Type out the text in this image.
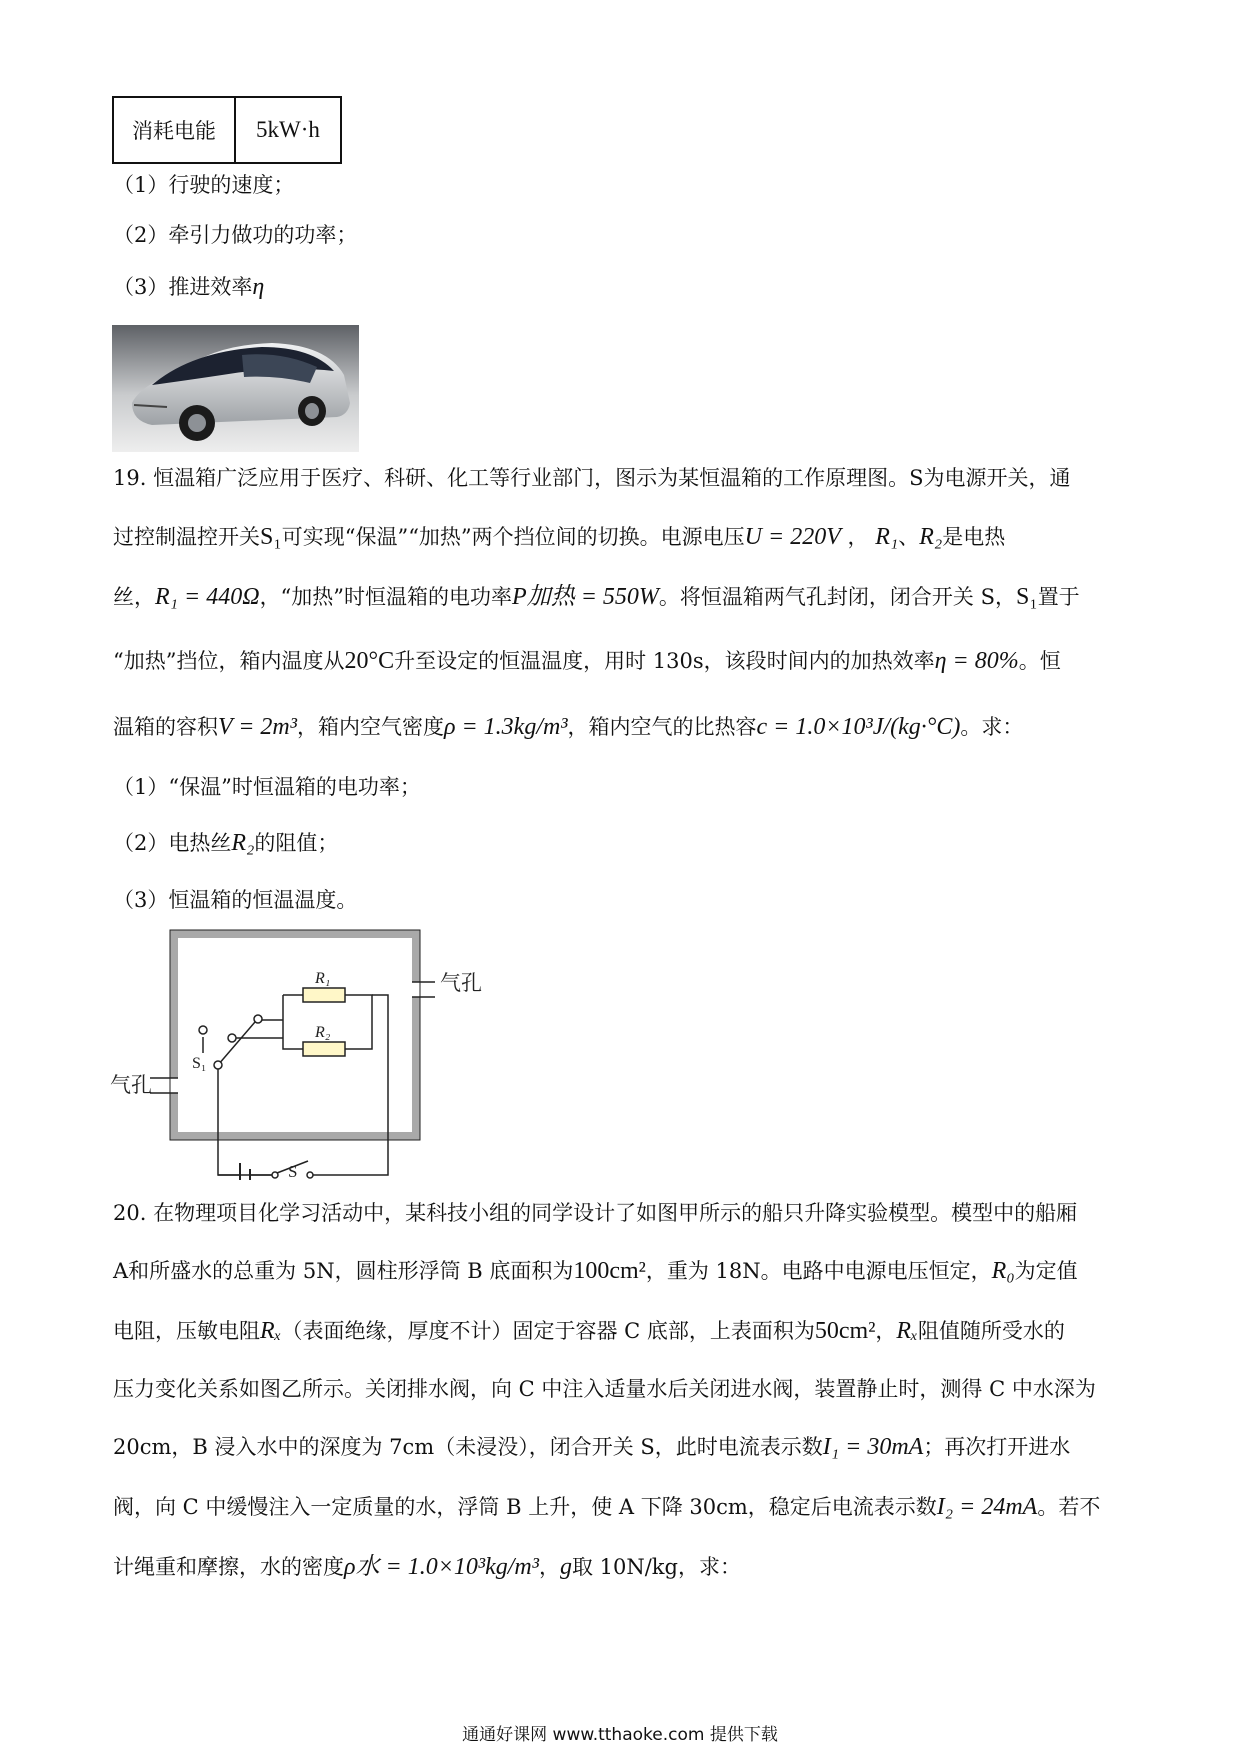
消耗电能	5kW·h
（1）行驶的速度；
（2）牵引力做功的功率；
（3）推进效率η
19. 恒温箱广泛应用于医疗、科研、化工等行业部门，图示为某恒温箱的工作原理图。S为电源开关，通
过控制温控开关S₁可实现“保温”“加热”两个挡位间的切换。电源电压U = 220V ， R₁、R₂是电热
丝，R₁ = 440Ω，“加热”时恒温箱的电功率P加热 = 550W。将恒温箱两气孔封闭，闭合开关 S，S₁置于
“加热”挡位，箱内温度从20°C升至设定的恒温温度，用时 130s，该段时间内的加热效率η = 80%。恒
温箱的容积V = 2m³，箱内空气密度ρ = 1.3kg/m³，箱内空气的比热容c = 1.0×10³J/(kg·°C)。求：
（1）“保温”时恒温箱的电功率；
（2）电热丝R₂的阻值；
（3）恒温箱的恒温温度。
气孔
气孔
R₁
R₂
S₁
S
20. 在物理项目化学习活动中，某科技小组的同学设计了如图甲所示的船只升降实验模型。模型中的船厢
A和所盛水的总重为 5N，圆柱形浮筒 B 底面积为100cm²，重为 18N。电路中电源电压恒定，R₀为定值
电阻，压敏电阻Rₓ（表面绝缘，厚度不计）固定于容器 C 底部，上表面积为50cm²，Rₓ阻值随所受水的
压力变化关系如图乙所示。关闭排水阀，向 C 中注入适量水后关闭进水阀，装置静止时，测得 C 中水深为
20cm，B 浸入水中的深度为 7cm（未浸没），闭合开关 S，此时电流表示数I₁ = 30mA；再次打开进水
阀，向 C 中缓慢注入一定质量的水，浮筒 B 上升，使 A 下降 30cm，稳定后电流表示数I₂ = 24mA。若不
计绳重和摩擦，水的密度ρ水 = 1.0×10³kg/m³，g取 10N/kg，求：
通通好课网 www.tthaoke.com 提供下载
